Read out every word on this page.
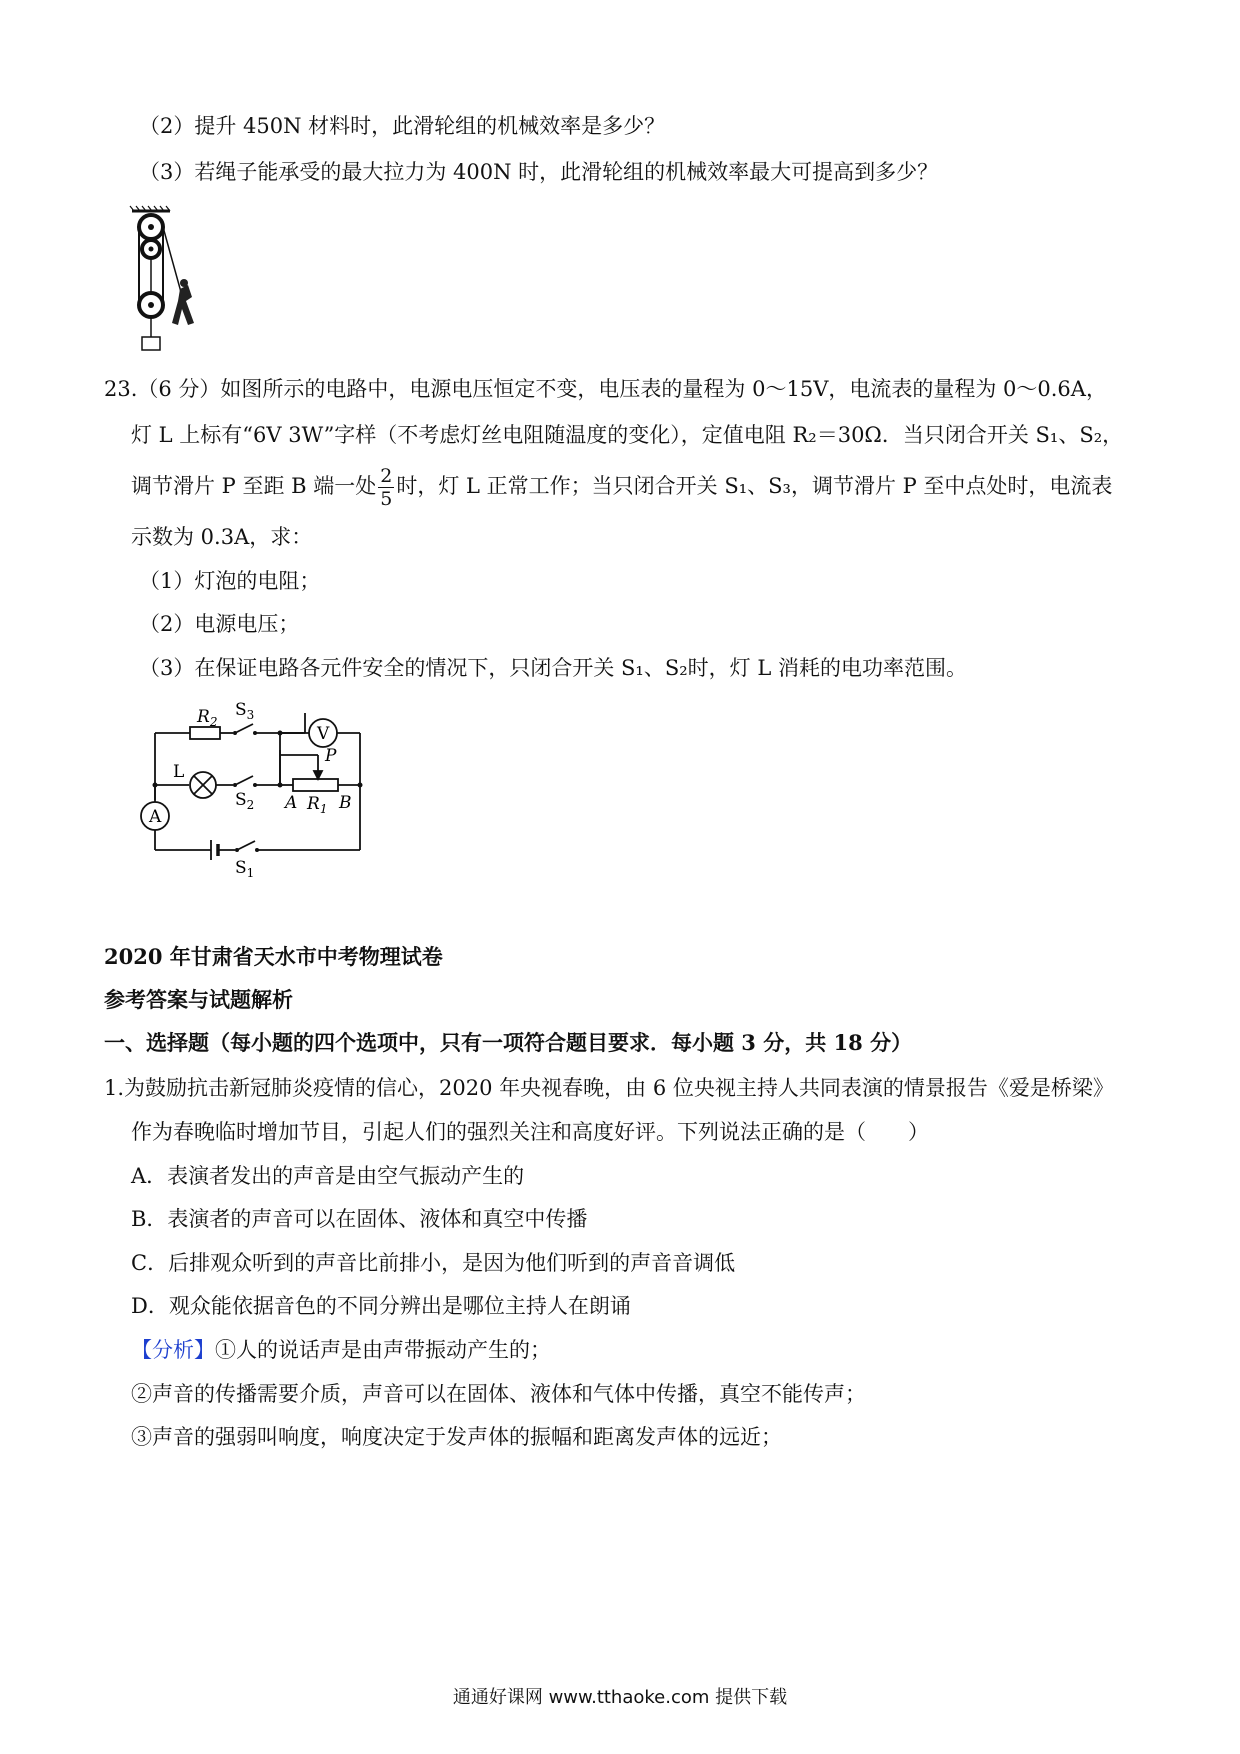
（2）提升 450N 材料时，此滑轮组的机械效率是多少？
（3）若绳子能承受的最大拉力为 400N 时，此滑轮组的机械效率最大可提高到多少？
23.（6 分）如图所示的电路中，电源电压恒定不变，电压表的量程为 0～15V，电流表的量程为 0～0.6A，
灯 L 上标有“6V 3W”字样（不考虑灯丝电阻随温度的变化），定值电阻 R₂＝30Ω．当只闭合开关 S₁、S₂，
调节滑片 P 至距 B 端一处 $\frac{2}{5}$ 时，灯 L 正常工作；当只闭合开关 S₁、S₃，调节滑片 P 至中点处时，电流表
示数为 0.3A，求：
（1）灯泡的电阻；
（2）电源电压；
（3）在保证电路各元件安全的情况下，只闭合开关 S₁、S₂时，灯 L 消耗的电功率范围。
$R_2$
$S_3$
V
L
$S_2$
P
A $R_1$ B
A
$S_1$
2020 年甘肃省天水市中考物理试卷
参考答案与试题解析
一、选择题（每小题的四个选项中，只有一项符合题目要求．每小题 3 分，共 18 分）
1.为鼓励抗击新冠肺炎疫情的信心，2020 年央视春晚，由 6 位央视主持人共同表演的情景报告《爱是桥梁》
作为春晚临时增加节目，引起人们的强烈关注和高度好评。下列说法正确的是（　　）
A．表演者发出的声音是由空气振动产生的
B．表演者的声音可以在固体、液体和真空中传播
C．后排观众听到的声音比前排小，是因为他们听到的声音音调低
D．观众能依据音色的不同分辨出是哪位主持人在朗诵
【分析】①人的说话声是由声带振动产生的；
②声音的传播需要介质，声音可以在固体、液体和气体中传播，真空不能传声；
③声音的强弱叫响度，响度决定于发声体的振幅和距离发声体的远近；
通通好课网 www.tthaoke.com 提供下载
